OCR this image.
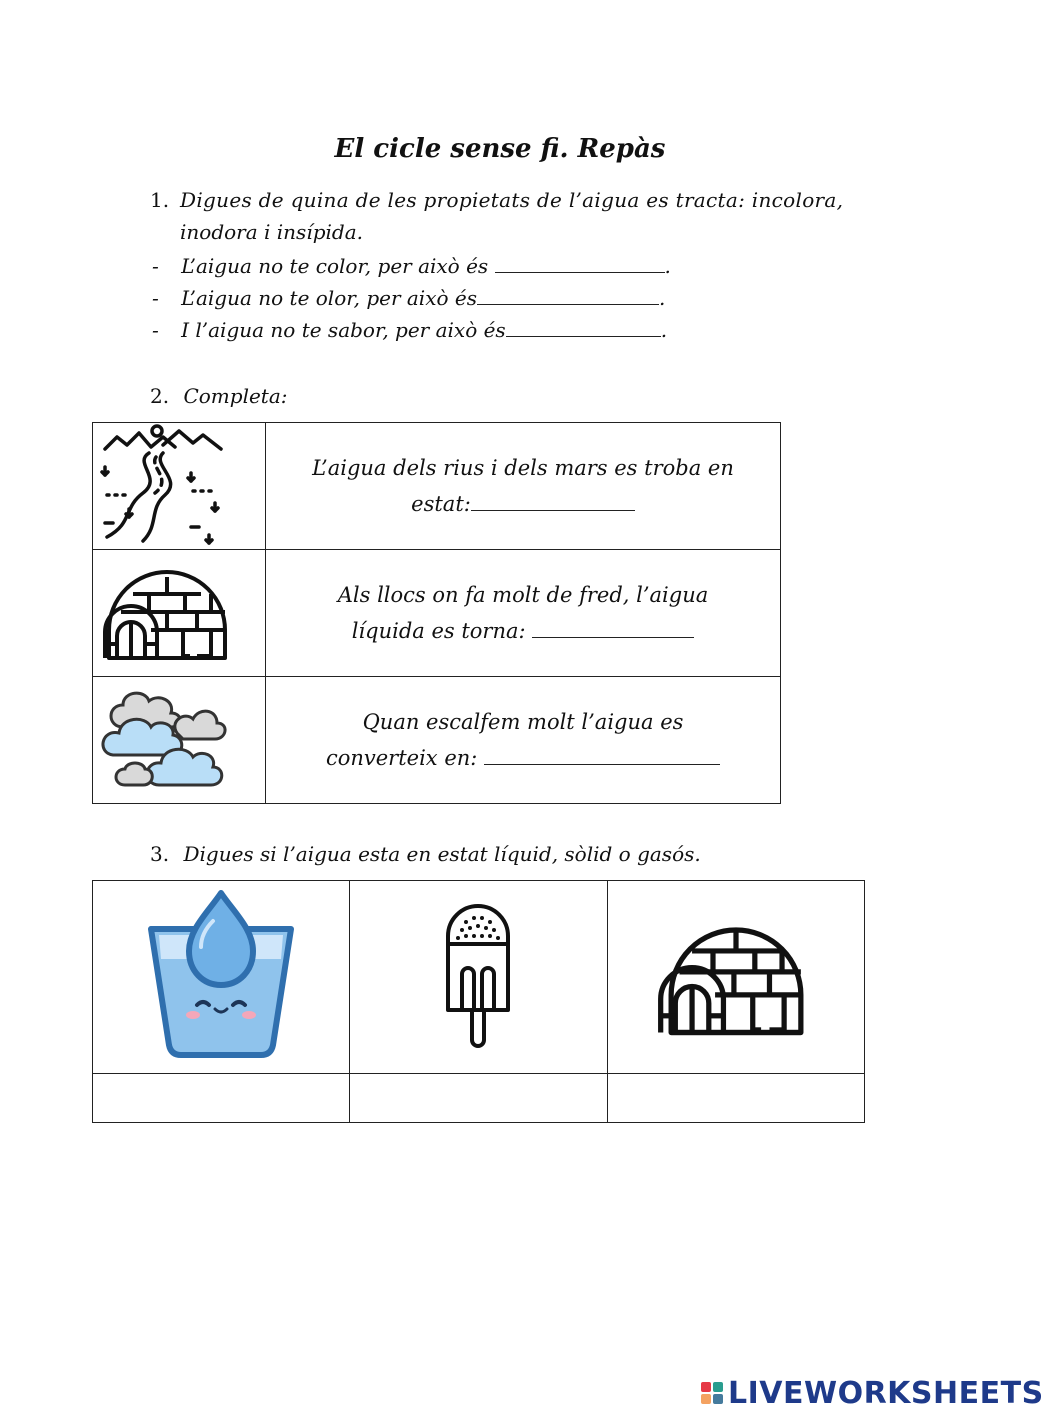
El cicle sense fi. Repàs
1. Digues de quina de les propietats de l’aigua es tracta: incolora,
inodora i insípida.
- L’aigua no te color, per això és	.
- L’aigua no te olor, per això és	.
- I l’aigua no te sabor, per això és	.
2. Completa:

L’aigua dels rius i dels mars es troba en
estat:

Als llocs on fa molt de fred, l’aigua
líquida es torna:

Quan escalfem molt l’aigua es
converteix en:
3. Digues si l’aigua esta en estat líquid, sòlid o gasós.

LIVEWORKSHEETS
